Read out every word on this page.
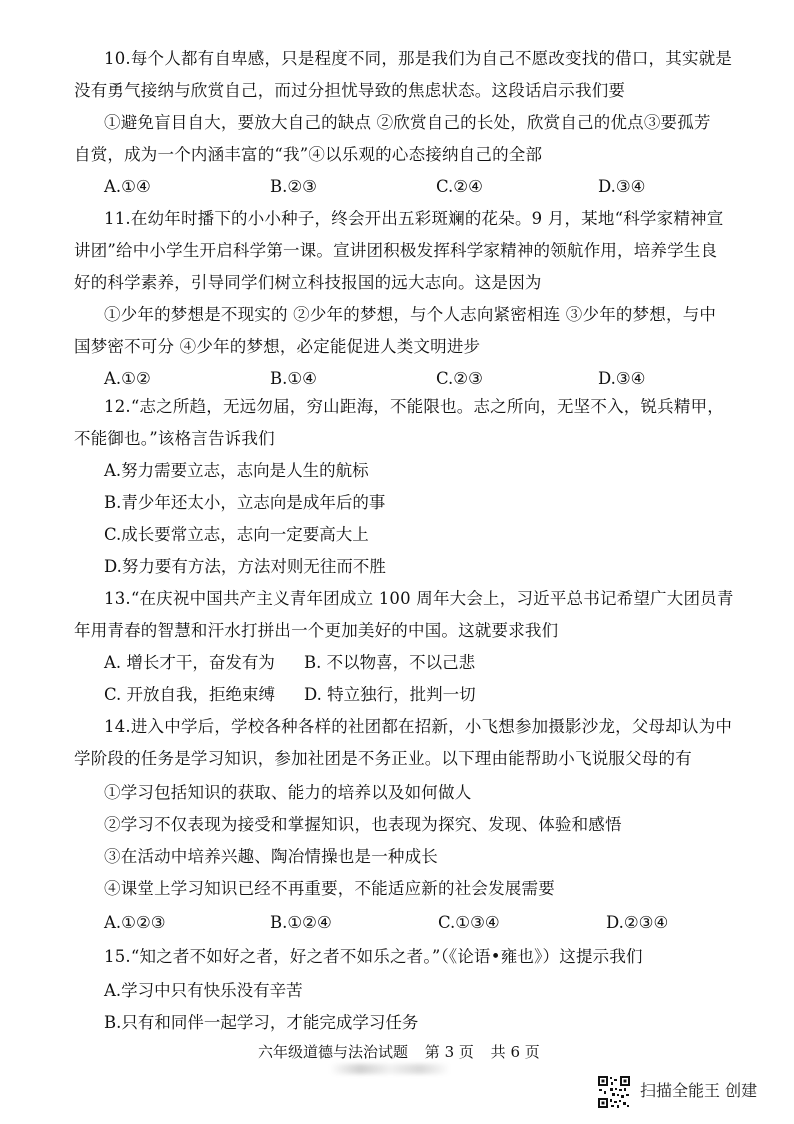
10.每个人都有自卑感，只是程度不同，那是我们为自己不愿改变找的借口，其实就是
没有勇气接纳与欣赏自己，而过分担忧导致的焦虑状态。这段话启示我们要
①避免盲目自大，要放大自己的缺点 ②欣赏自己的长处，欣赏自己的优点③要孤芳
自赏，成为一个内涵丰富的“我”④以乐观的心态接纳自己的全部
A.①④	B.②③	C.②④	D.③④
11.在幼年时播下的小小种子，终会开出五彩斑斓的花朵。9 月，某地“科学家精神宣
讲团”给中小学生开启科学第一课。宣讲团积极发挥科学家精神的领航作用，培养学生良
好的科学素养，引导同学们树立科技报国的远大志向。这是因为
①少年的梦想是不现实的 ②少年的梦想，与个人志向紧密相连 ③少年的梦想，与中
国梦密不可分 ④少年的梦想，必定能促进人类文明进步
A.①②	B.①④	C.②③	D.③④
12.“志之所趋，无远勿届，穷山距海，不能限也。志之所向，无坚不入，锐兵精甲，
不能御也。”该格言告诉我们
A.努力需要立志，志向是人生的航标
B.青少年还太小，立志向是成年后的事
C.成长要常立志，志向一定要高大上
D.努力要有方法，方法对则无往而不胜
13.“在庆祝中国共产主义青年团成立 100 周年大会上，习近平总书记希望广大团员青
年用青春的智慧和汗水打拼出一个更加美好的中国。这就要求我们
A. 增长才干，奋发有为 B. 不以物喜，不以己悲
C. 开放自我，拒绝束缚 D. 特立独行，批判一切
14.进入中学后，学校各种各样的社团都在招新，小飞想参加摄影沙龙，父母却认为中
学阶段的任务是学习知识，参加社团是不务正业。以下理由能帮助小飞说服父母的有
①学习包括知识的获取、能力的培养以及如何做人
②学习不仅表现为接受和掌握知识，也表现为探究、发现、体验和感悟
③在活动中培养兴趣、陶冶情操也是一种成长
④课堂上学习知识已经不再重要，不能适应新的社会发展需要
A.①②③	B.①②④	C.①③④	D.②③④
15.“知之者不如好之者，好之者不如乐之者。”（《论语•雍也》）这提示我们
A.学习中只有快乐没有辛苦
六年级道德与法治试题 第 3 页 共 6 页
扫描全能王 创建
B.只有和同伴一起学习，才能完成学习任务
